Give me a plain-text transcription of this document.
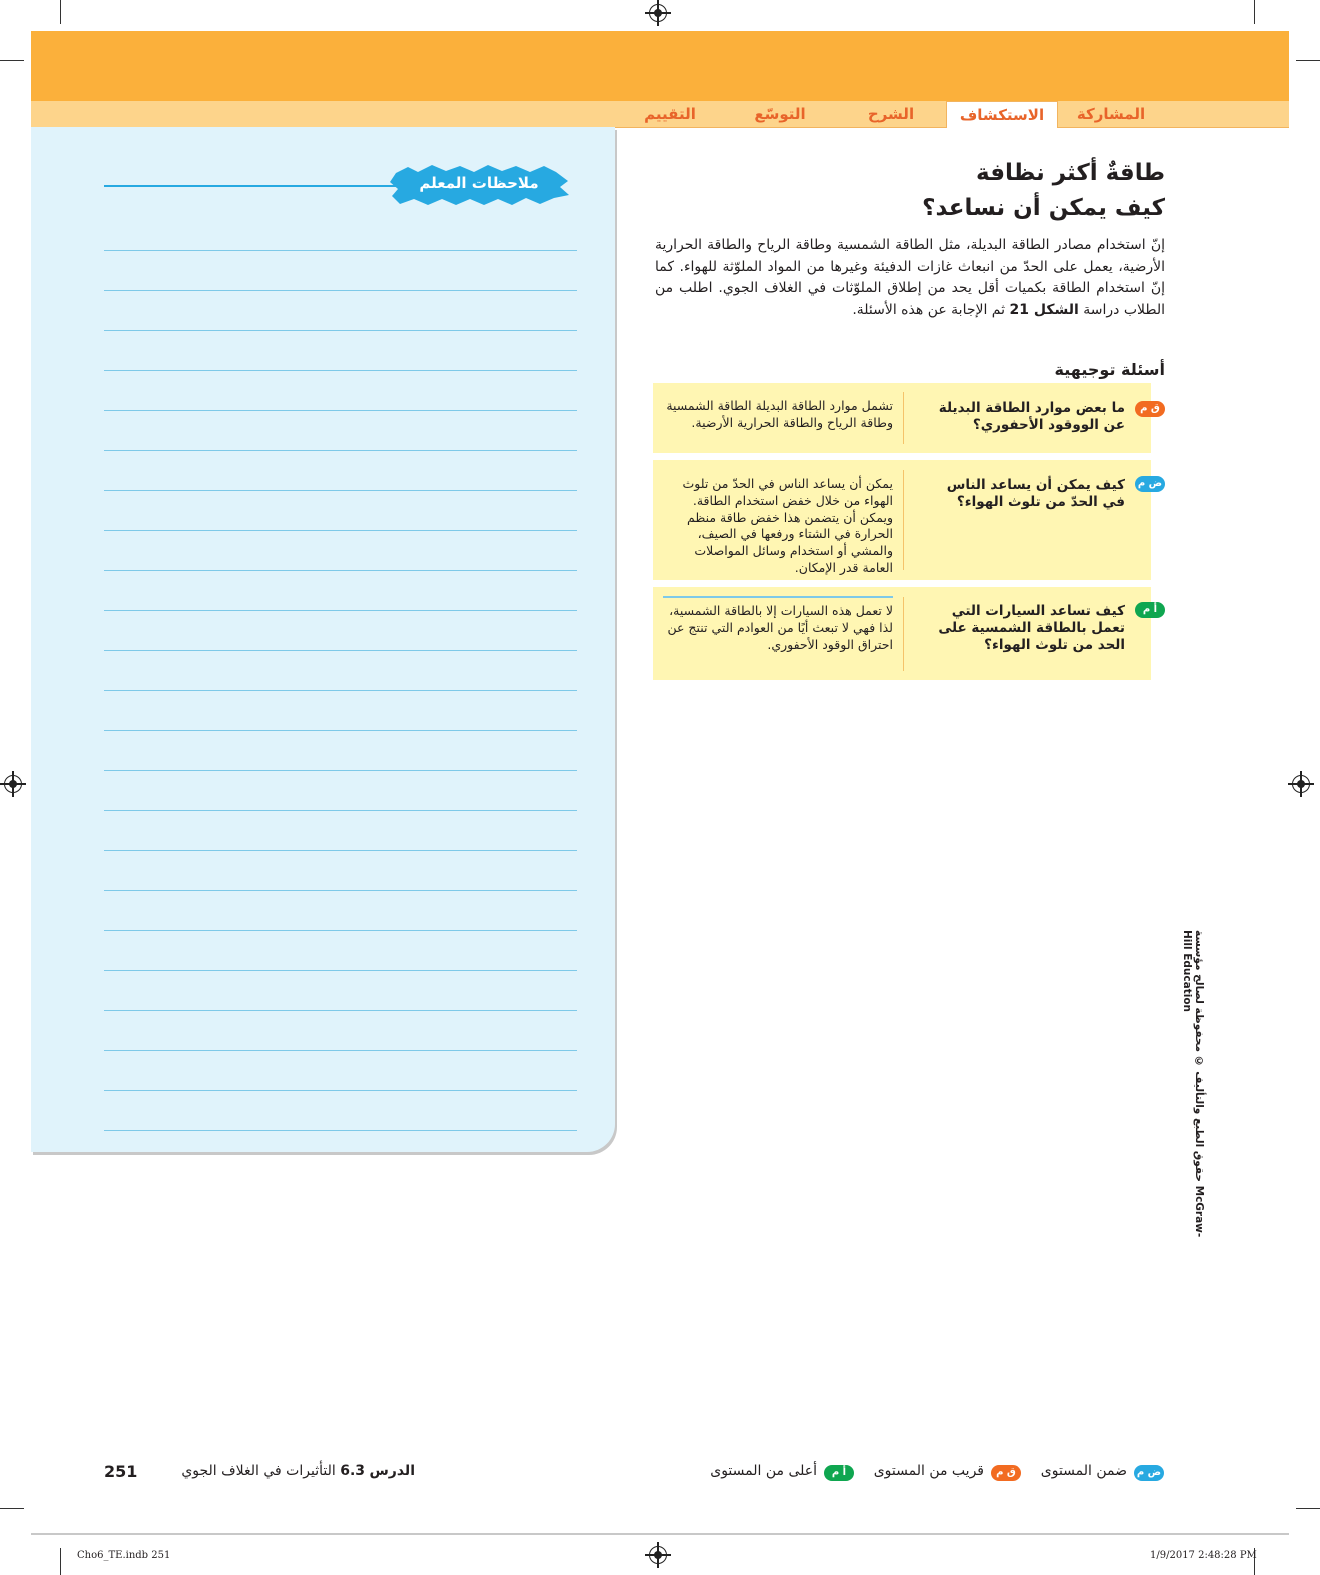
المشاركة
الاستكشاف
الشرح
التوسّع
التقييم
ملاحظات المعلم	طاقةٌ أكثر نظافة
كيف يمكن أن نساعد؟
إنّ استخدام مصادر الطاقة البديلة، مثل الطاقة الشمسية وطاقة الرياح والطاقة الحرارية الأرضية، يعمل على الحدّ من انبعاث غازات الدفيئة وغيرها من المواد الملوّثة للهواء. كما إنّ استخدام الطاقة بكميات أقل يحد من إطلاق الملوّثات في الغلاف الجوي. اطلب من الطلاب دراسة الشكل 21 ثم الإجابة عن هذه الأسئلة.
أسئلة توجيهية
ق م
ما بعض موارد الطاقة البديلة عن الووقود الأحفوري؟
تشمل موارد الطاقة البديلة الطاقة الشمسية وطاقة الرياح والطاقة الحرارية الأرضية.
ض م
كيف يمكن أن يساعد الناس في الحدّ من تلوث الهواء؟
يمكن أن يساعد الناس في الحدّ من تلوث الهواء من خلال خفض استخدام الطاقة. ويمكن أن يتضمن هذا خفض طاقة منظم الحرارة في الشتاء ورفعها في الصيف، والمشي أو استخدام وسائل المواصلات العامة قدر الإمكان.
أ م
كيف تساعد السيارات التي تعمل بالطاقة الشمسية على الحد من تلوث الهواء؟
لا تعمل هذه السيارات إلا بالطاقة الشمسية، لذا فهي لا تبعث أيًا من العوادم التي تنتج عن احتراق الوقود الأحفوري.
حقوق الطبع والتأليف © محفوظة لصالح مؤسسة McGraw-Hill Education
الدرس 6.3 التأثيرات في الغلاف الجوي
251	ض م
ضمن المستوى
ق م
قريب من المستوى
أ م
أعلى من المستوى
Cho6_TE.indb 251	1/9/2017 2:48:28 PM
